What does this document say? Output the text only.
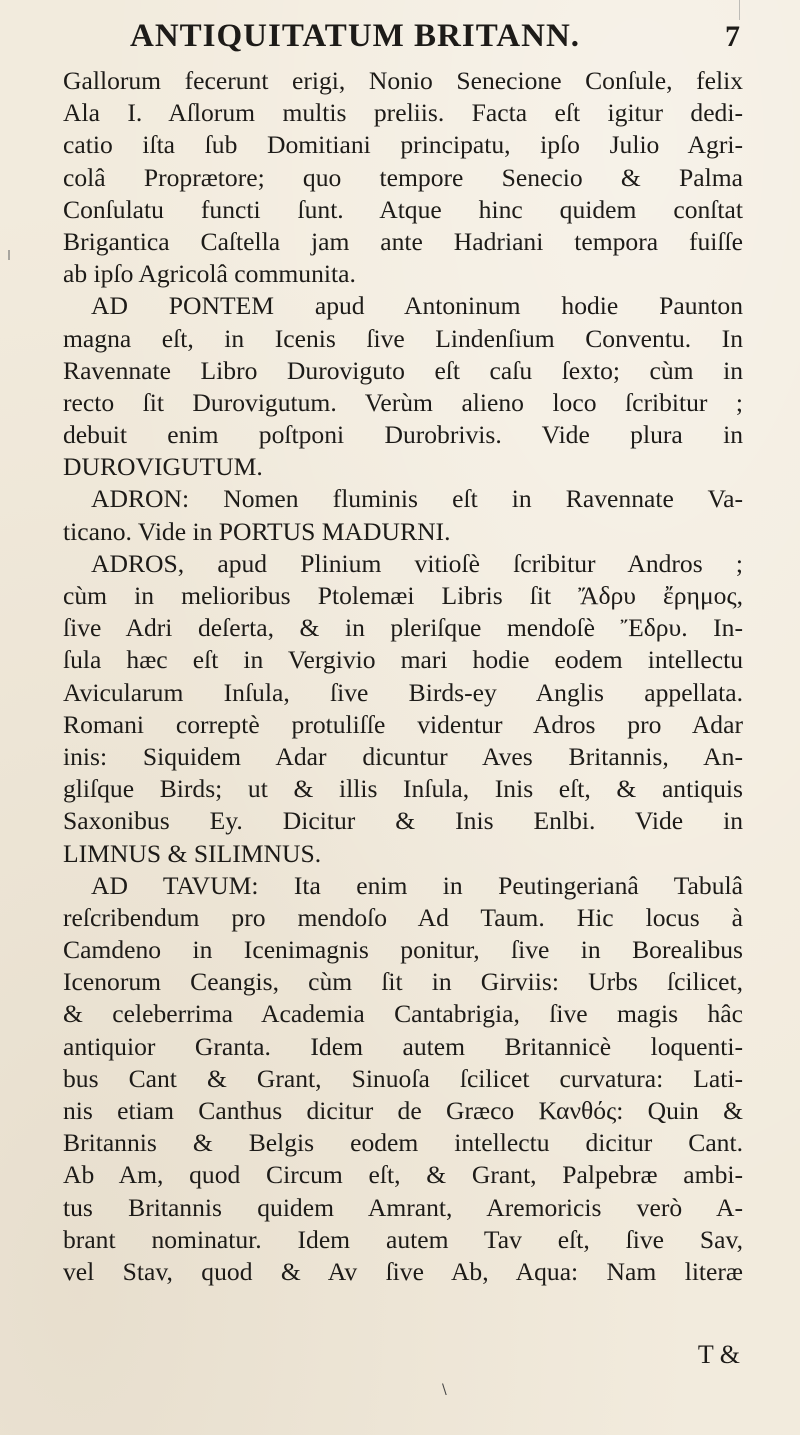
ANTIQUITATUM BRITANN.	7
Gallorum fecerunt erigi, Nonio Senecione Conſule, felix
Ala I. Aſlorum multis preliis. Facta eſt igitur dedi-
catio iſta ſub Domitiani principatu, ipſo Julio Agri-
colâ Proprætore; quo tempore Senecio & Palma
Conſulatu functi ſunt. Atque hinc quidem conſtat
Brigantica Caſtella jam ante Hadriani tempora fuiſſe
ab ipſo Agricolâ communita.
AD PONTEM apud Antoninum hodie Paunton
magna eſt, in Icenis ſive Lindenſium Conventu. In
Ravennate Libro Duroviguto eſt caſu ſexto; cùm in
recto ſit Durovigutum. Verùm alieno loco ſcribitur ;
debuit enim poſtponi Durobrivis. Vide plura in
DUROVIGUTUM.
ADRON: Nomen fluminis eſt in Ravennate Va-
ticano. Vide in PORTUS MADURNI.
ADROS, apud Plinium vitioſè ſcribitur Andros ;
cùm in melioribus Ptolemæi Libris ſit Ἄδρυ ἔρημος,
ſive Adri deſerta, & in pleriſque mendoſè Ἔδρυ. In-
ſula hæc eſt in Vergivio mari hodie eodem intellectu
Avicularum Inſula, ſive Birds-ey Anglis appellata.
Romani correptè protuliſſe videntur Adros pro Adar
inis: Siquidem Adar dicuntur Aves Britannis, An-
gliſque Birds; ut & illis Inſula, Inis eſt, & antiquis
Saxonibus Ey. Dicitur & Inis Enlbi. Vide in
LIMNUS & SILIMNUS.
AD TAVUM: Ita enim in Peutingerianâ Tabulâ
reſcribendum pro mendoſo Ad Taum. Hic locus à
Camdeno in Icenimagnis ponitur, ſive in Borealibus
Icenorum Ceangis, cùm ſit in Girviis: Urbs ſcilicet,
& celeberrima Academia Cantabrigia, ſive magis hâc
antiquior Granta. Idem autem Britannicè loquenti-
bus Cant & Grant, Sinuoſa ſcilicet curvatura: Lati-
nis etiam Canthus dicitur de Græco Κανθός: Quin &
Britannis & Belgis eodem intellectu dicitur Cant.
Ab Am, quod Circum eſt, & Grant, Palpebræ ambi-
tus Britannis quidem Amrant, Aremoricis verò A-
brant nominatur. Idem autem Tav eſt, ſive Sav,
vel Stav, quod & Av ſive Ab, Aqua: Nam literæ
T &
\
